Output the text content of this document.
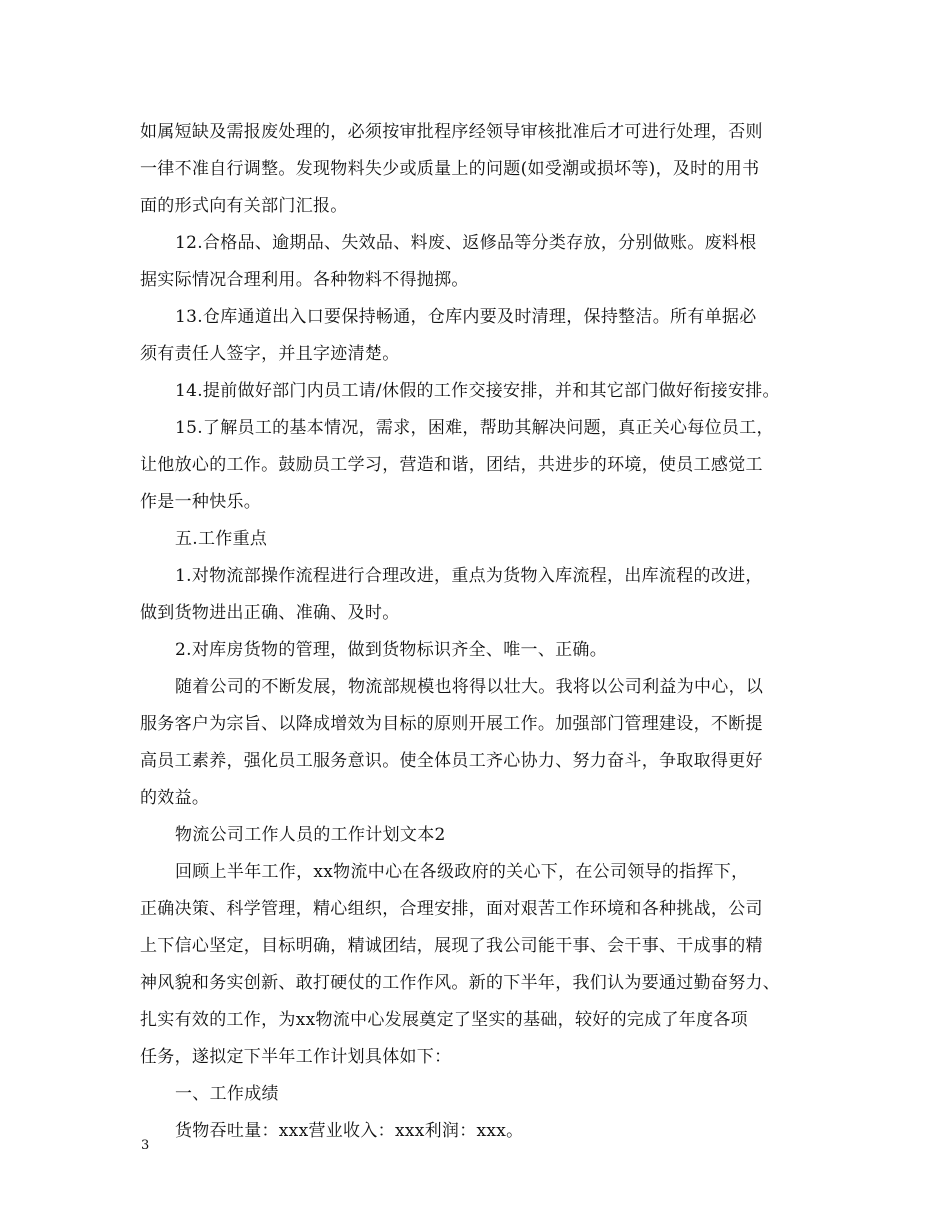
如属短缺及需报废处理的，必须按审批程序经领导审核批准后才可进行处理，否则
一律不准自行调整。发现物料失少或质量上的问题(如受潮或损坏等)，及时的用书
面的形式向有关部门汇报。
12.合格品、逾期品、失效品、料废、返修品等分类存放，分别做账。废料根
据实际情况合理利用。各种物料不得抛掷。
13.仓库通道出入口要保持畅通，仓库内要及时清理，保持整洁。所有单据必
须有责任人签字，并且字迹清楚。
14.提前做好部门内员工请/休假的工作交接安排，并和其它部门做好衔接安排。
15.了解员工的基本情况，需求，困难，帮助其解决问题，真正关心每位员工，
让他放心的工作。鼓励员工学习，营造和谐，团结，共进步的环境，使员工感觉工
作是一种快乐。
五.工作重点
1.对物流部操作流程进行合理改进，重点为货物入库流程，出库流程的改进，
做到货物进出正确、准确、及时。
2.对库房货物的管理，做到货物标识齐全、唯一、正确。
随着公司的不断发展，物流部规模也将得以壮大。我将以公司利益为中心，以
服务客户为宗旨、以降成增效为目标的原则开展工作。加强部门管理建设，不断提
高员工素养，强化员工服务意识。使全体员工齐心协力、努力奋斗，争取取得更好
的效益。
物流公司工作人员的工作计划文本2
回顾上半年工作，xx物流中心在各级政府的关心下，在公司领导的指挥下，
正确决策、科学管理，精心组织，合理安排，面对艰苦工作环境和各种挑战，公司
上下信心坚定，目标明确，精诚团结，展现了我公司能干事、会干事、干成事的精
神风貌和务实创新、敢打硬仗的工作作风。新的下半年，我们认为要通过勤奋努力、
扎实有效的工作，为xx物流中心发展奠定了坚实的基础，较好的完成了年度各项
任务，遂拟定下半年工作计划具体如下：
一、工作成绩
货物吞吐量：xxx营业收入：xxx利润：xxx。
3
